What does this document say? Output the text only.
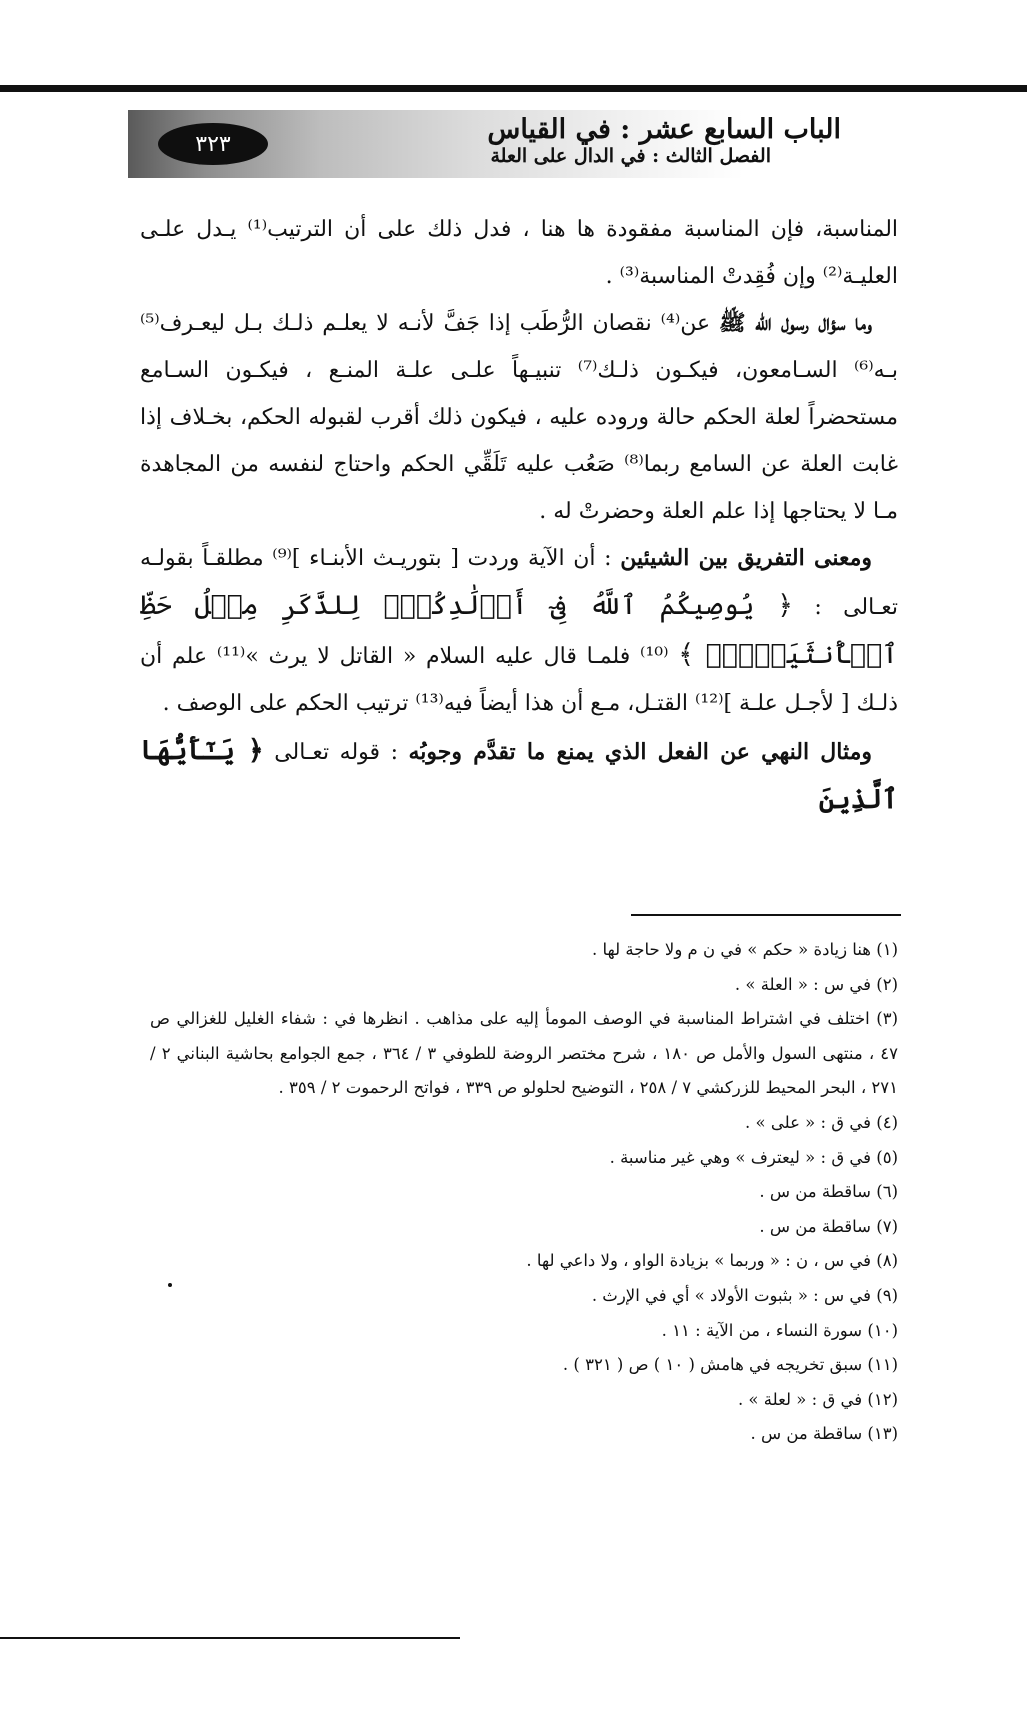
٣٢٣	الباب السابع عشر : في القياس
الفصل الثالث : في الدال على العلة

المناسبة، فإن المناسبة مفقودة ها هنا ، فدل ذلك على أن الترتيب⁽¹⁾ يـدل علـى العليـة⁽²⁾ وإن فُقِدتْ المناسبة⁽³⁾ .

وما سؤال رسول الله ﷺ عن⁽⁴⁾ نقصان الرُّطَب إذا جَفَّ لأنـه لا يعلـم ذلـك بـل ليعـرف⁽⁵⁾ بـه⁽⁶⁾ السـامعون، فيكـون ذلـك⁽⁷⁾ تنبيـهاً علـى علـة المنـع ، فيكـون السـامع مستحضراً لعلة الحكم حالة وروده عليه ، فيكون ذلك أقرب لقبوله الحكم، بخـلاف إذا غابت العلة عن السامع ربما⁽⁸⁾ صَعُب عليه تَلَقِّي الحكم واحتاج لنفسه من المجاهدة مـا لا يحتاجها إذا علم العلة وحضرتْ له .

ومعنى التفريق بين الشيئين : أن الآية وردت [ بتوريـث الأبنـاء ]⁽⁹⁾ مطلقـاً بقولـه تعـالى : ﴿ يُوصِيكُمُ ٱللَّهُ فِىٓ أَوۡلَٰدِكُمۡۖ لِلذَّكَرِ مِثۡلُ حَظِّ ٱلۡأُنثَيَيۡنِۚ ﴾ ⁽¹⁰⁾ فلمـا قال عليه السلام « القاتل لا يرث »⁽¹¹⁾ علم أن ذلـك [ لأجـل علـة ]⁽¹²⁾ القتـل، مـع أن هذا أيضاً فيه⁽¹³⁾ ترتيب الحكم على الوصف .

ومثال النهي عن الفعل الذي يمنع ما تقدَّم وجوبُه : قوله تعـالى ﴿ يَـٰٓأَيُّهَا ٱلَّذِينَ

(١) هنا زيادة « حكم » في ن م ولا حاجة لها .

(٢) في س : « العلة » .

(٣) اختلف في اشتراط المناسبة في الوصف المومأ إليه على مذاهب . انظرها في : شفاء الغليل للغزالي ص ٤٧ ، منتهى السول والأمل ص ١٨٠ ، شرح مختصر الروضة للطوفي ٣ / ٣٦٤ ، جمع الجوامع بحاشية البناني ٢ / ٢٧١ ، البحر المحيط للزركشي ٧ / ٢٥٨ ، التوضيح لحلولو ص ٣٣٩ ، فواتح الرحموت ٢ / ٣٥٩ .

(٤) في ق : « على » .

(٥) في ق : « ليعترف » وهي غير مناسبة .

(٦) ساقطة من س .

(٧) ساقطة من س .

(٨) في س ، ن : « وربما » بزيادة الواو ، ولا داعي لها .

(٩) في س : « بثبوت الأولاد » أي في الإرث .

(١٠) سورة النساء ، من الآية : ١١ .

(١١) سبق تخريجه في هامش ( ١٠ ) ص ( ٣٢١ ) .

(١٢) في ق : « لعلة » .

(١٣) ساقطة من س .
